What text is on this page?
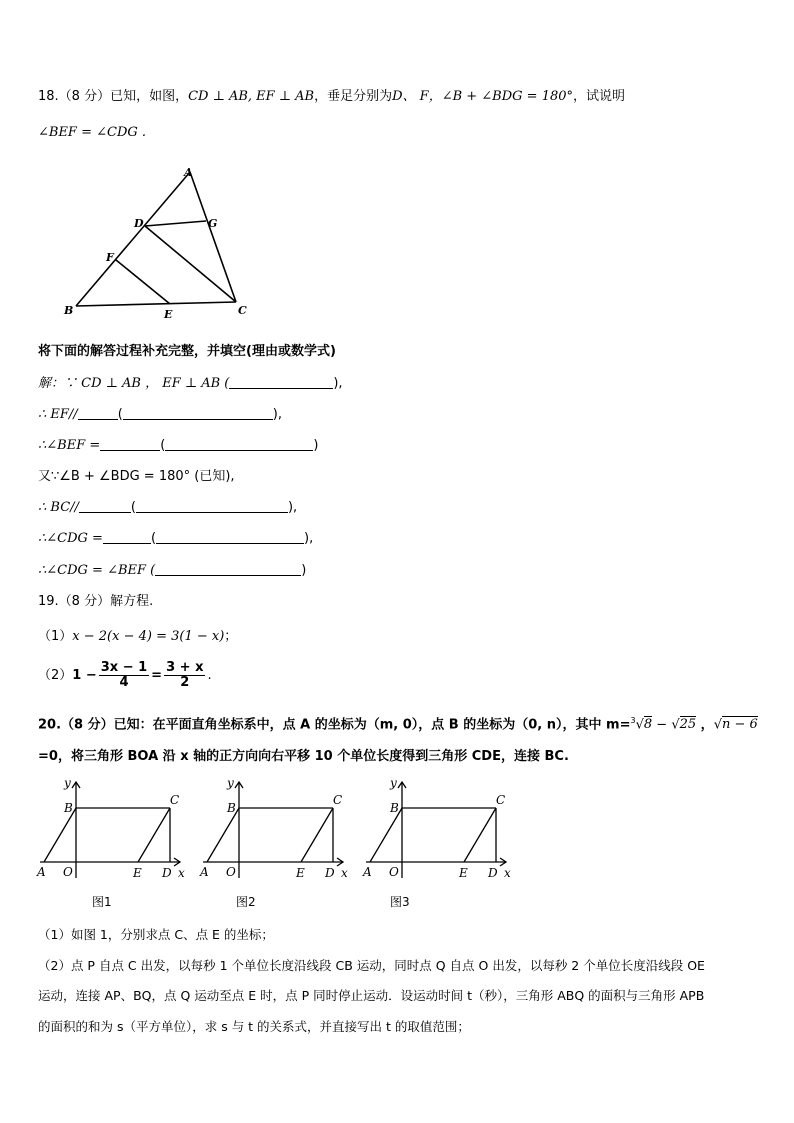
18.（8 分）已知，如图，CD ⊥ AB, EF ⊥ AB，垂足分别为D、 F，∠B + ∠BDG = 180°，试说明
∠BEF = ∠CDG .
A
D	G
F
B	E	C
将下面的解答过程补充完整，并填空(理由或数学式)
解：∵ CD ⊥ AB ， EF ⊥ AB (	),
∴ EF//	(	),
∴∠BEF =	(	)
又∵∠B + ∠BDG = 180° (已知),
∴ BC//	(	),
∴∠CDG =	(	),
∴∠CDG = ∠BEF (	)
19.（8 分）解方程.
（1）x − 2(x − 4) = 3(1 − x)；
$(2)1 - \frac{3x - 1}{4} = \frac{3 + x}{2}$ .
20.（8 分）已知：在平面直角坐标系中，点 A 的坐标为（m, 0），点 B 的坐标为（0, n），其中 m=$^3$√8 − √25 ，√n − 6
=0，将三角形 BOA 沿 x 轴的正方向向右平移 10 个单位长度得到三角形 CDE，连接 BC.
y
B
C
A O	E D x
y
B
C
A O	E D x
y
B
C
A O	E D x
图1	图2	图3
（1）如图 1，分别求点 C、点 E 的坐标；
（2）点 P 自点 C 出发，以每秒 1 个单位长度沿线段 CB 运动，同时点 Q 自点 O 出发，以每秒 2 个单位长度沿线段 OE
运动，连接 AP、BQ，点 Q 运动至点 E 时，点 P 同时停止运动．设运动时间 t（秒），三角形 ABQ 的面积与三角形 APB
的面积的和为 s（平方单位），求 s 与 t 的关系式，并直接写出 t 的取值范围；
